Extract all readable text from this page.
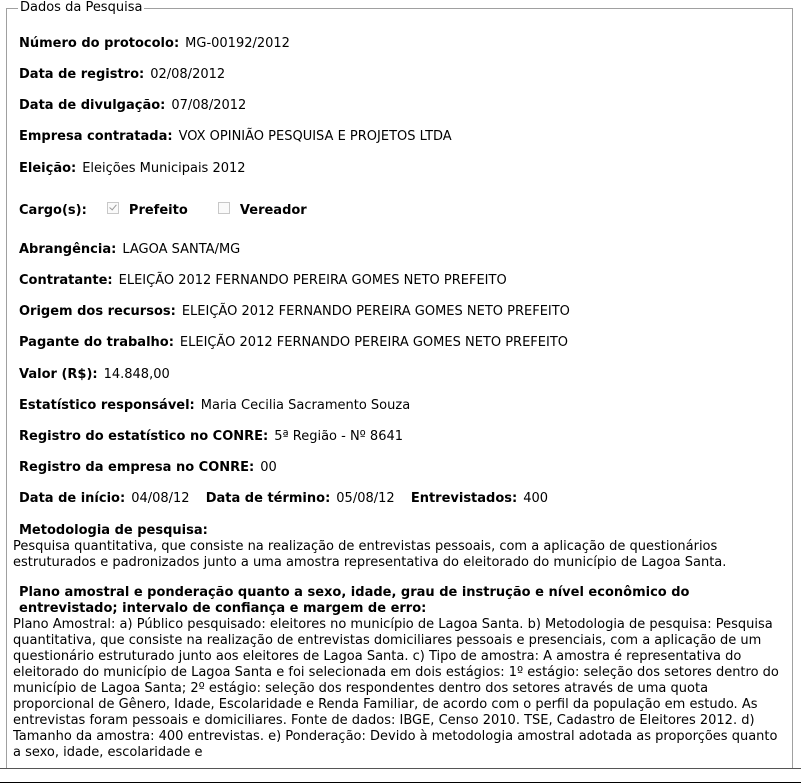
Dados da Pesquisa
Número do protocolo: MG-00192/2012
Data de registro: 02/08/2012
Data de divulgação: 07/08/2012
Empresa contratada: VOX OPINIÃO PESQUISA E PROJETOS LTDA
Eleição: Eleições Municipais 2012
Cargo(s):	Prefeito	Vereador
Abrangência: LAGOA SANTA/MG
Contratante: ELEIÇÃO 2012 FERNANDO PEREIRA GOMES NETO PREFEITO
Origem dos recursos: ELEIÇÃO 2012 FERNANDO PEREIRA GOMES NETO PREFEITO
Pagante do trabalho: ELEIÇÃO 2012 FERNANDO PEREIRA GOMES NETO PREFEITO
Valor (R$): 14.848,00
Estatístico responsável: Maria Cecilia Sacramento Souza
Registro do estatístico no CONRE: 5ª Região - Nº 8641
Registro da empresa no CONRE: 00
Data de início: 04/08/12 Data de término: 05/08/12 Entrevistados: 400
Metodologia de pesquisa:
Pesquisa quantitativa, que consiste na realização de entrevistas pessoais, com a aplicação de questionários estruturados e padronizados junto a uma amostra representativa do eleitorado do município de Lagoa Santa.
Plano amostral e ponderação quanto a sexo, idade, grau de instrução e nível econômico do entrevistado; intervalo de confiança e margem de erro:
Plano Amostral: a) Público pesquisado: eleitores no município de Lagoa Santa. b) Metodologia de pesquisa: Pesquisa quantitativa, que consiste na realização de entrevistas domiciliares pessoais e presenciais, com a aplicação de um questionário estruturado junto aos eleitores de Lagoa Santa. c) Tipo de amostra: A amostra é representativa do eleitorado do município de Lagoa Santa e foi selecionada em dois estágios: 1º estágio: seleção dos setores dentro do município de Lagoa Santa; 2º estágio: seleção dos respondentes dentro dos setores através de uma quota proporcional de Gênero, Idade, Escolaridade e Renda Familiar, de acordo com o perfil da população em estudo. As entrevistas foram pessoais e domiciliares. Fonte de dados: IBGE, Censo 2010. TSE, Cadastro de Eleitores 2012. d) Tamanho da amostra: 400 entrevistas. e) Ponderação: Devido à metodologia amostral adotada as proporções quanto a sexo, idade, escolaridade e
